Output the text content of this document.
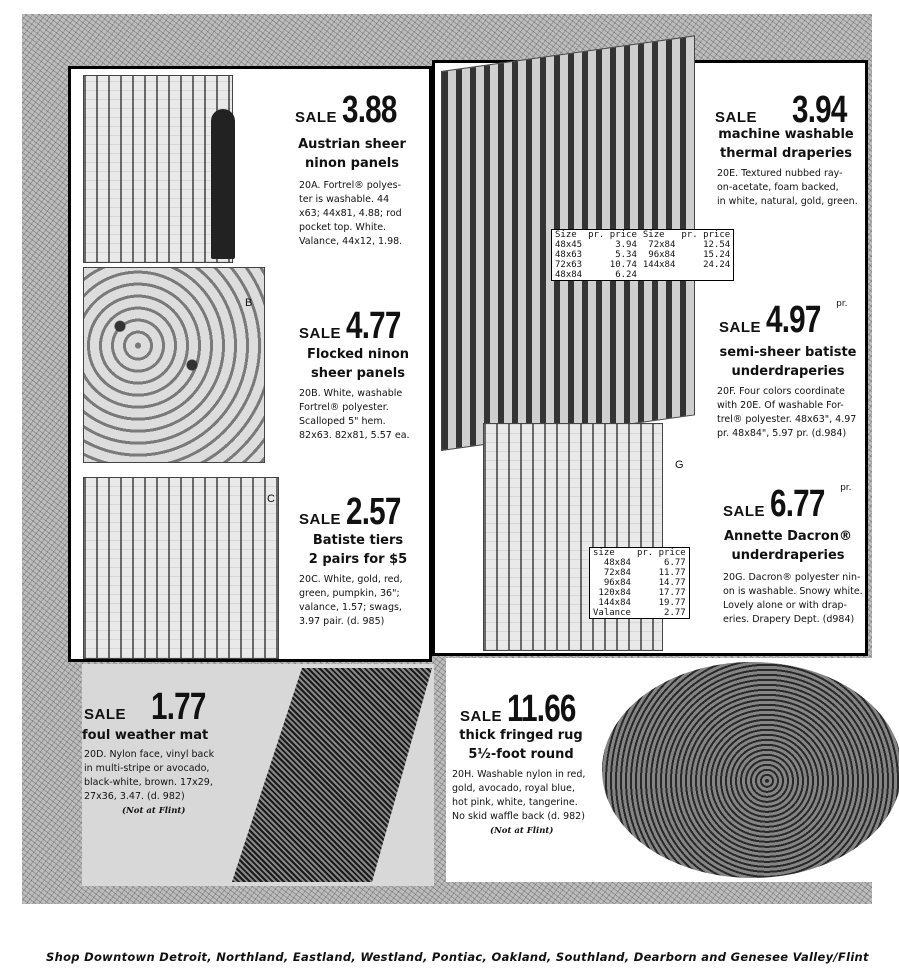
B
C
SALE 3.88
Austrian sheer
ninon panels
20A. Fortrel® polyes-
ter is washable. 44
x63; 44x81, 4.88; rod
pocket top. White.
Valance, 44x12, 1.98.
SALE 4.77
Flocked ninon
sheer panels
20B. White, washable
Fortrel® polyester.
Scalloped 5" hem.
82x63. 82x81, 5.57 ea.
SALE 2.57
Batiste tiers
2 pairs for $5
20C. White, gold, red,
green, pumpkin, 36";
valance, 1.57; swags,
3.97 pair. (d. 985)
G
Size	pr. price	Size	pr. price
48x45	3.94	72x84	12.54
48x63	5.34	96x84	15.24
72x63	10.74	144x84	24.24
48x84	6.24		
size	pr. price
48x84	6.77
72x84	11.77
96x84	14.77
120x84	17.77
144x84	19.77
Valance	2.77
SALE 3.94
machine washable
thermal draperies
20E. Textured nubbed ray-
on-acetate, foam backed,
in white, natural, gold, green.
SALE 4.97 $^{pr.}$
semi-sheer batiste
underdraperies
20F. Four colors coordinate
with 20E. Of washable For-
trel® polyester. 48x63", 4.97
pr. 48x84", 5.97 pr. (d.984)
SALE 6.77 $^{pr.}$
Annette Dacron®
underdraperies
20G. Dacron® polyester nin-
on is washable. Snowy white.
Lovely alone or with drap-
eries. Drapery Dept. (d984)
SALE 1.77
foul weather mat
20D. Nylon face, vinyl back
in multi-stripe or avocado,
black-white, brown. 17x29,
27x36, 3.47. (d. 982)
(Not at Flint)
SALE 11.66
thick fringed rug
5½-foot round
20H. Washable nylon in red,
gold, avocado, royal blue,
hot pink, white, tangerine.
No skid waffle back (d. 982)
(Not at Flint)
Shop Downtown Detroit, Northland, Eastland, Westland, Pontiac, Oakland, Southland, Dearborn and Genesee Valley/Flint
